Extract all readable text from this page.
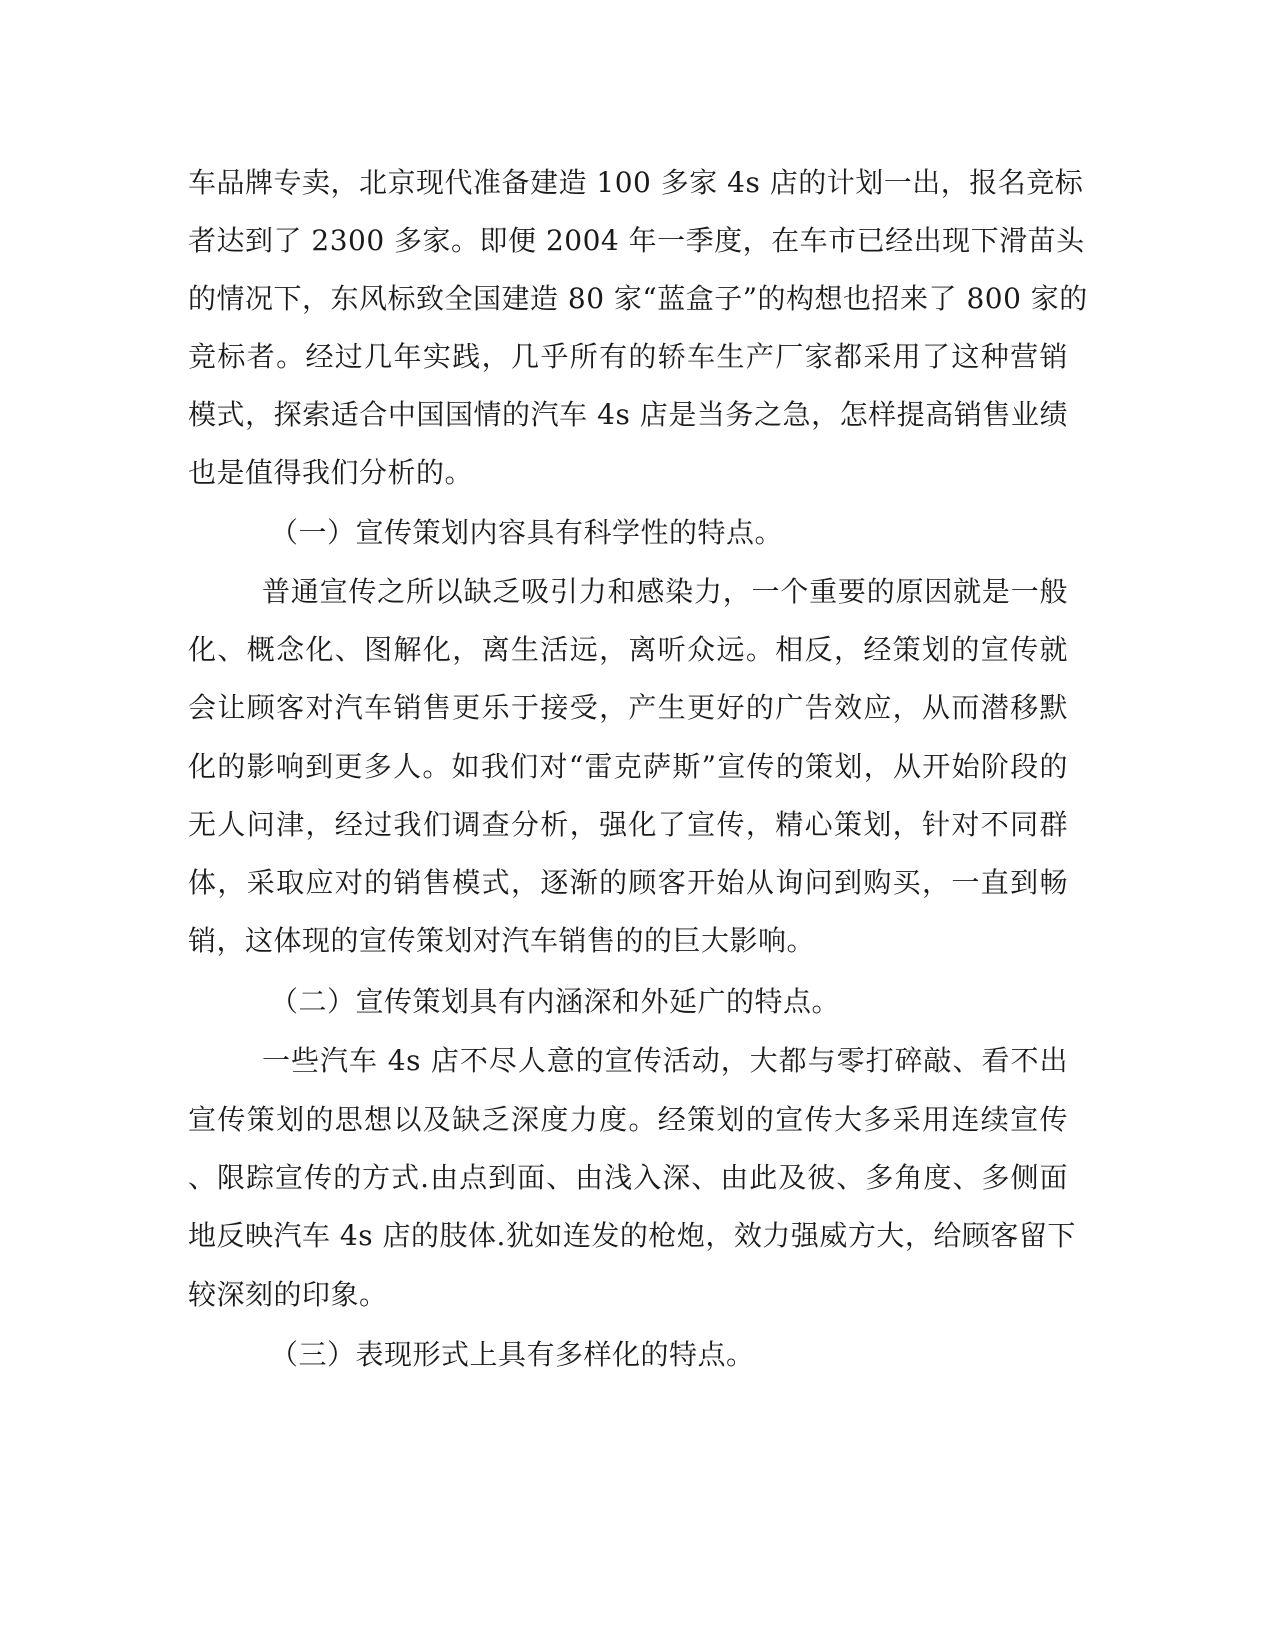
车品牌专卖，北京现代准备建造 100 多家 4s 店的计划一出，报名竞标
者达到了 2300 多家。即便 2004 年一季度，在车市已经出现下滑苗头
的情况下，东风标致全国建造 80 家“蓝盒子”的构想也招来了 800 家的
竞标者。经过几年实践，几乎所有的轿车生产厂家都采用了这种营销
模式，探索适合中国国情的汽车 4s 店是当务之急，怎样提高销售业绩
也是值得我们分析的。
（一）宣传策划内容具有科学性的特点。
普通宣传之所以缺乏吸引力和感染力，一个重要的原因就是一般
化、概念化、图解化，离生活远，离听众远。相反，经策划的宣传就
会让顾客对汽车销售更乐于接受，产生更好的广告效应，从而潜移默
化的影响到更多人。如我们对“雷克萨斯”宣传的策划，从开始阶段的
无人问津，经过我们调查分析，强化了宣传，精心策划，针对不同群
体，采取应对的销售模式，逐渐的顾客开始从询问到购买，一直到畅
销，这体现的宣传策划对汽车销售的的巨大影响。
（二）宣传策划具有内涵深和外延广的特点。
一些汽车 4s 店不尽人意的宣传活动，大都与零打碎敲、看不出
宣传策划的思想以及缺乏深度力度。经策划的宣传大多采用连续宣传
、限踪宣传的方式.由点到面、由浅入深、由此及彼、多角度、多侧面
地反映汽车 4s 店的肢体.犹如连发的枪炮，效力强威方大，给顾客留下
较深刻的印象。
（三）表现形式上具有多样化的特点。
